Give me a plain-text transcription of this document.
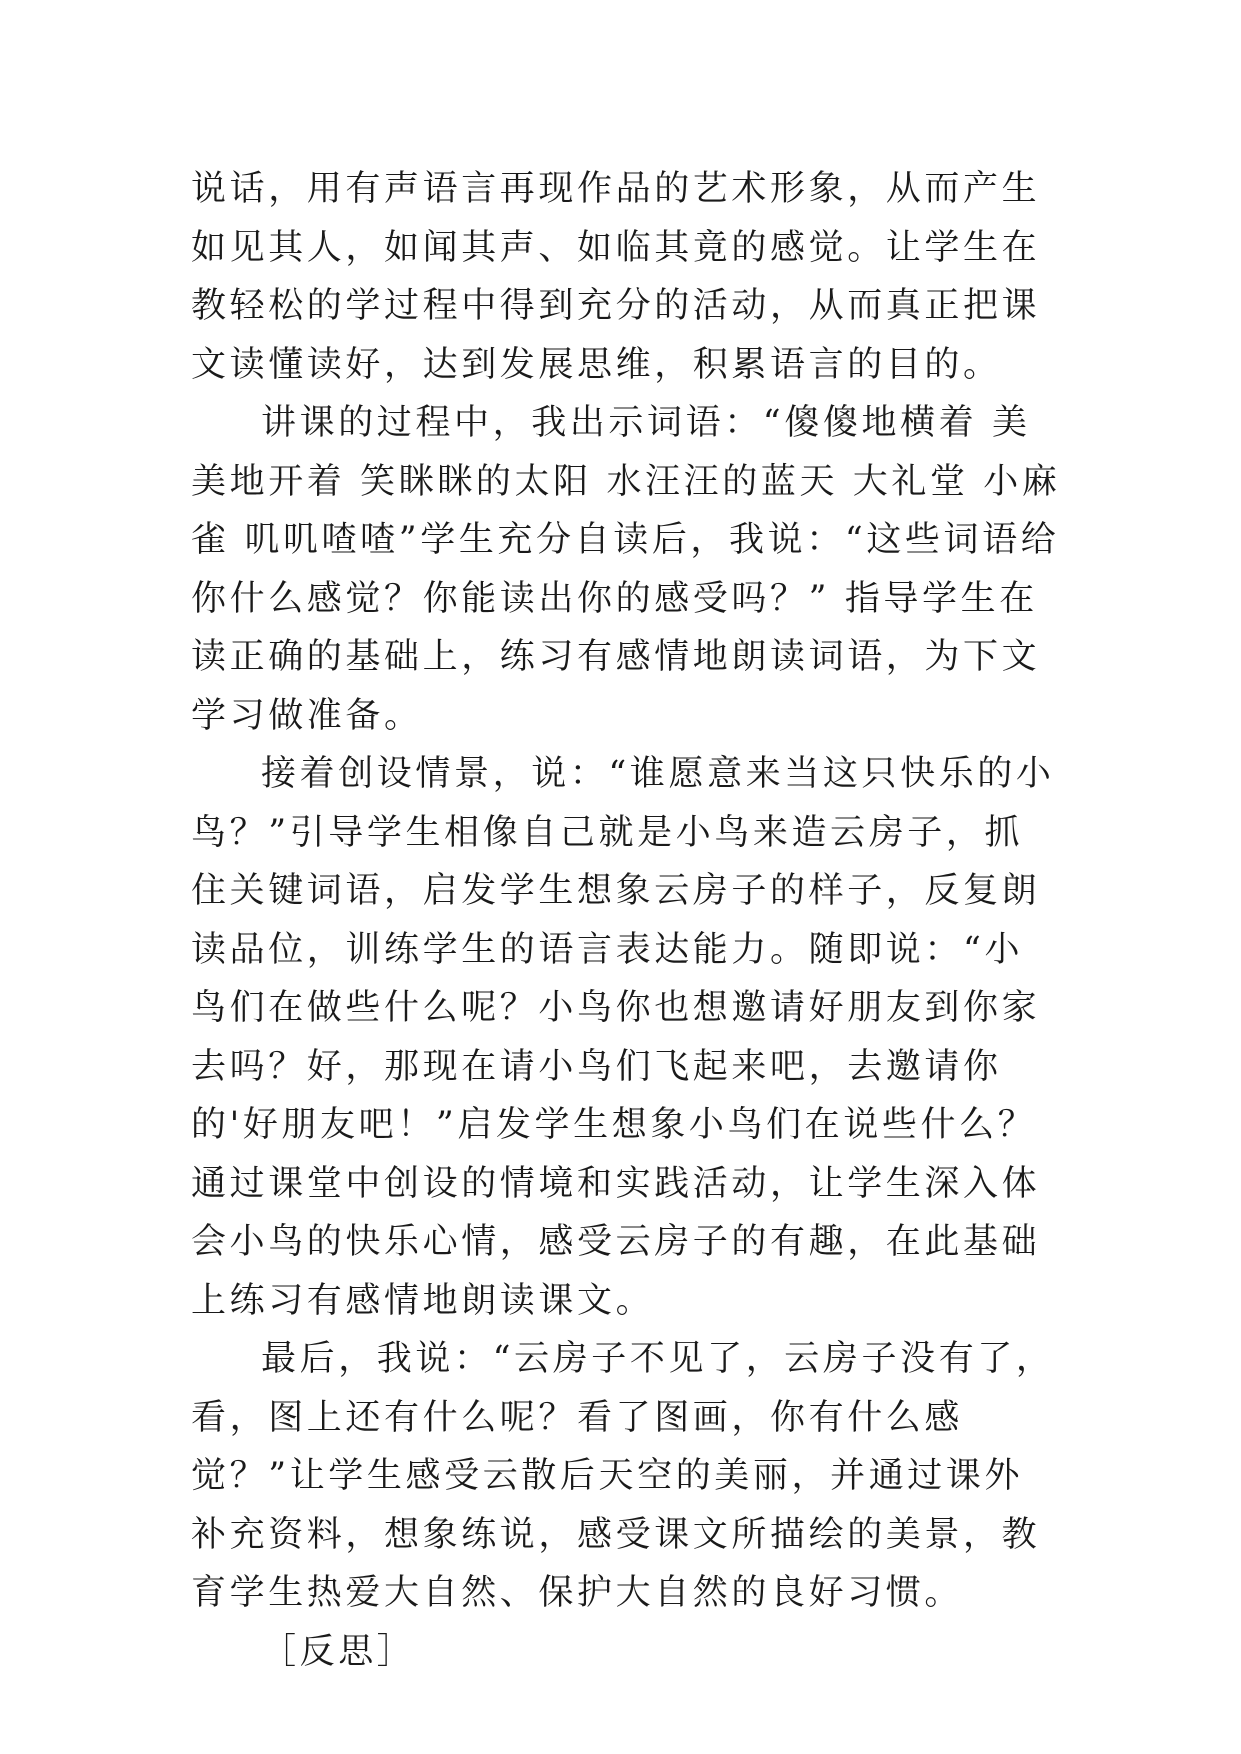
说话，用有声语言再现作品的艺术形象，从而产生如见其人，如闻其声、如临其竟的感觉。让学生在教轻松的学过程中得到充分的活动，从而真正把课文读懂读好，达到发展思维，积累语言的目的。

讲课的过程中，我出示词语：“傻傻地横着 美美地开着 笑眯眯的太阳 水汪汪的蓝天 大礼堂 小麻雀 叽叽喳喳”学生充分自读后，我说：“这些词语给你什么感觉？你能读出你的感受吗？” 指导学生在读正确的基础上，练习有感情地朗读词语，为下文学习做准备。

接着创设情景，说：“谁愿意来当这只快乐的小鸟？”引导学生相像自己就是小鸟来造云房子，抓住关键词语，启发学生想象云房子的样子，反复朗读品位，训练学生的语言表达能力。随即说：“小鸟们在做些什么呢？小鸟你也想邀请好朋友到你家去吗？好，那现在请小鸟们飞起来吧，去邀请你的'好朋友吧！”启发学生想象小鸟们在说些什么？通过课堂中创设的情境和实践活动，让学生深入体会小鸟的快乐心情，感受云房子的有趣，在此基础上练习有感情地朗读课文。

最后，我说：“云房子不见了，云房子没有了，看，图上还有什么呢？看了图画，你有什么感觉？”让学生感受云散后天空的美丽，并通过课外补充资料，想象练说，感受课文所描绘的美景，教育学生热爱大自然、保护大自然的良好习惯。

［反思］
